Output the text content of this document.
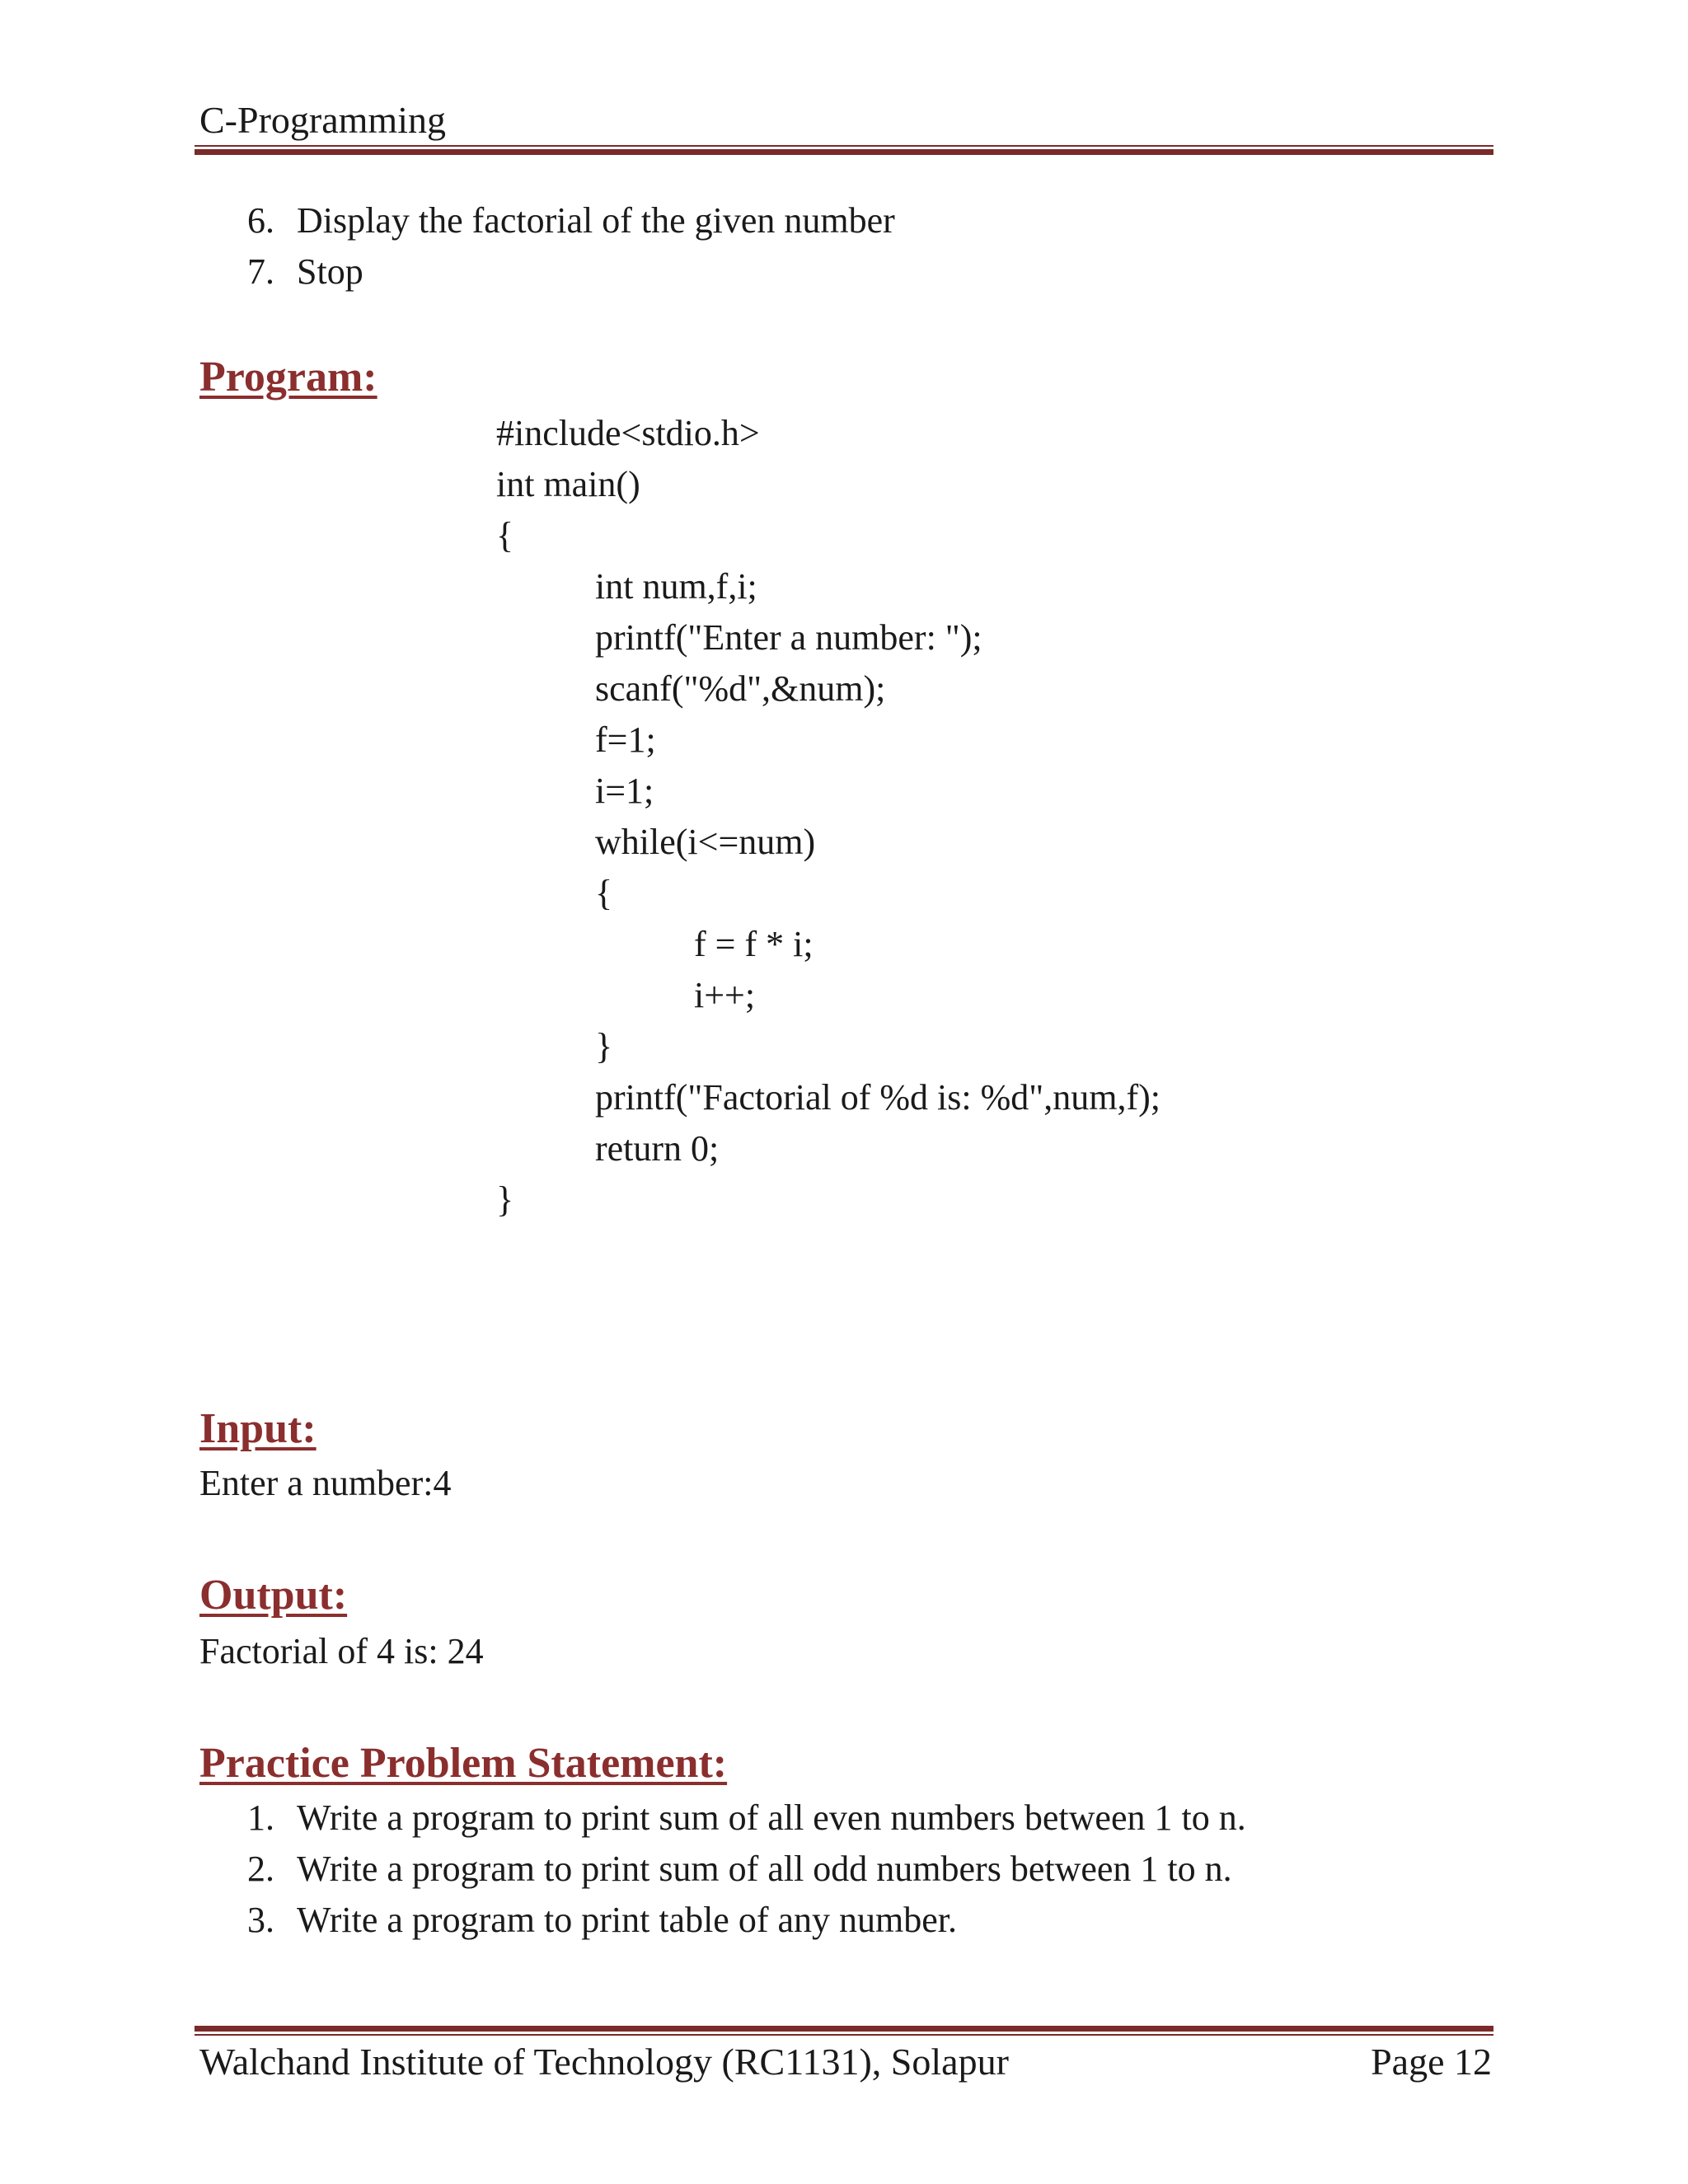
C-Programming
6. Display the factorial of the given number
7. Stop
Program:
#include<stdio.h>
int main()
{
int num,f,i;
printf("Enter a number: ");
scanf("%d",&num);
f=1;
i=1;
while(i<=num)
{
f = f * i;
i++;
}
printf("Factorial of %d is: %d",num,f);
return 0;
}
Input:
Enter a number:4
Output:
Factorial of 4 is: 24
Practice Problem Statement:
1. Write a program to print sum of all even numbers between 1 to n.
2. Write a program to print sum of all odd numbers between 1 to n.
3. Write a program to print table of any number.
Walchand Institute of Technology (RC1131), Solapur	Page 12
